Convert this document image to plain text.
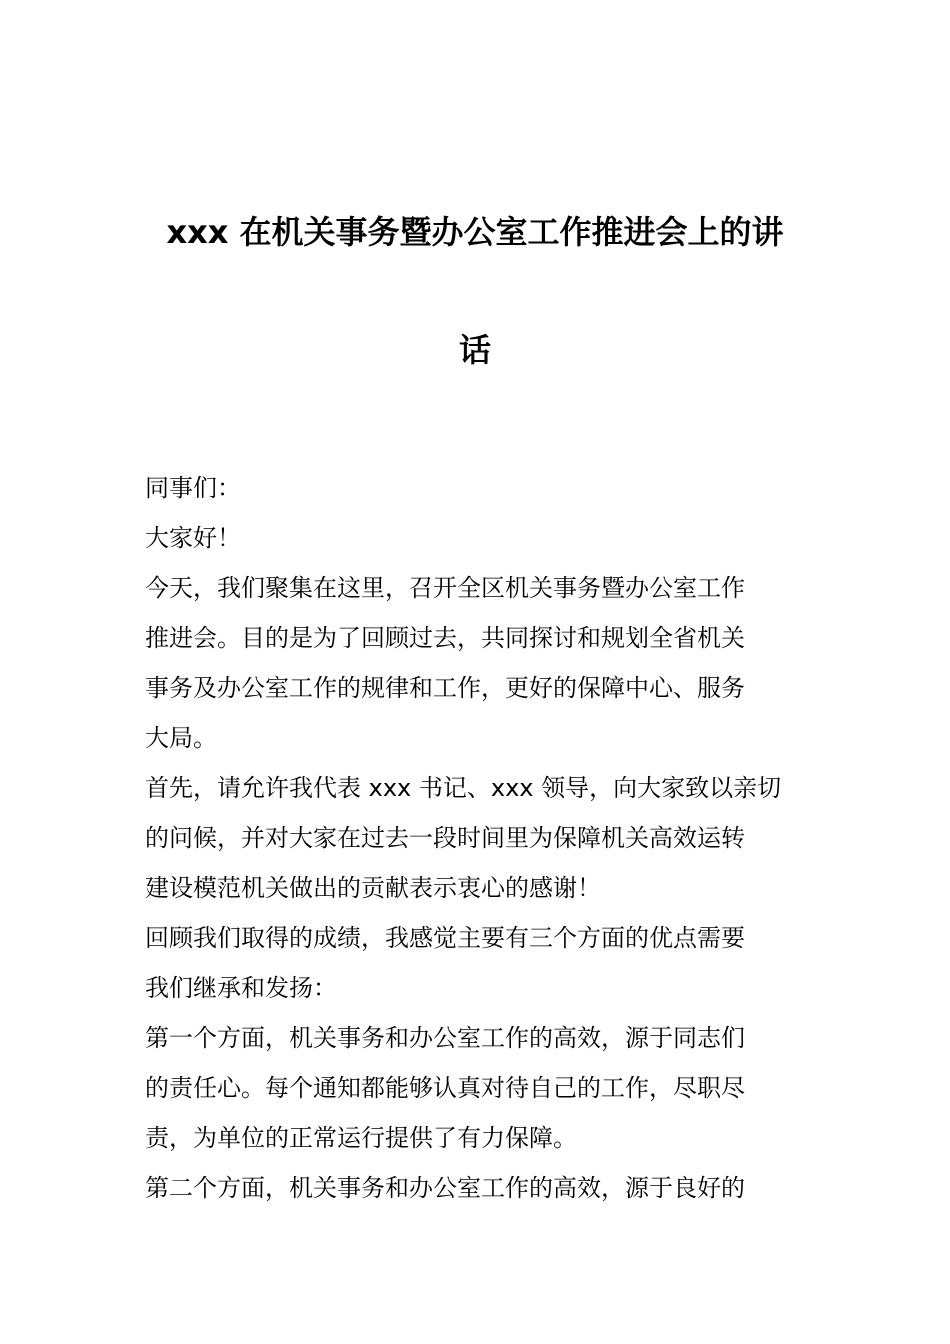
xxx 在机关事务暨办公室工作推进会上的讲
话
同事们：
大家好！
今天，我们聚集在这里，召开全区机关事务暨办公室工作
推进会。目的是为了回顾过去，共同探讨和规划全省机关
事务及办公室工作的规律和工作，更好的保障中心、服务
大局。
首先，请允许我代表 xxx 书记、xxx 领导，向大家致以亲切
的问候，并对大家在过去一段时间里为保障机关高效运转
建设模范机关做出的贡献表示衷心的感谢！
回顾我们取得的成绩，我感觉主要有三个方面的优点需要
我们继承和发扬：
第一个方面，机关事务和办公室工作的高效，源于同志们
的责任心。每个通知都能够认真对待自己的工作，尽职尽
责，为单位的正常运行提供了有力保障。
第二个方面，机关事务和办公室工作的高效，源于良好的
